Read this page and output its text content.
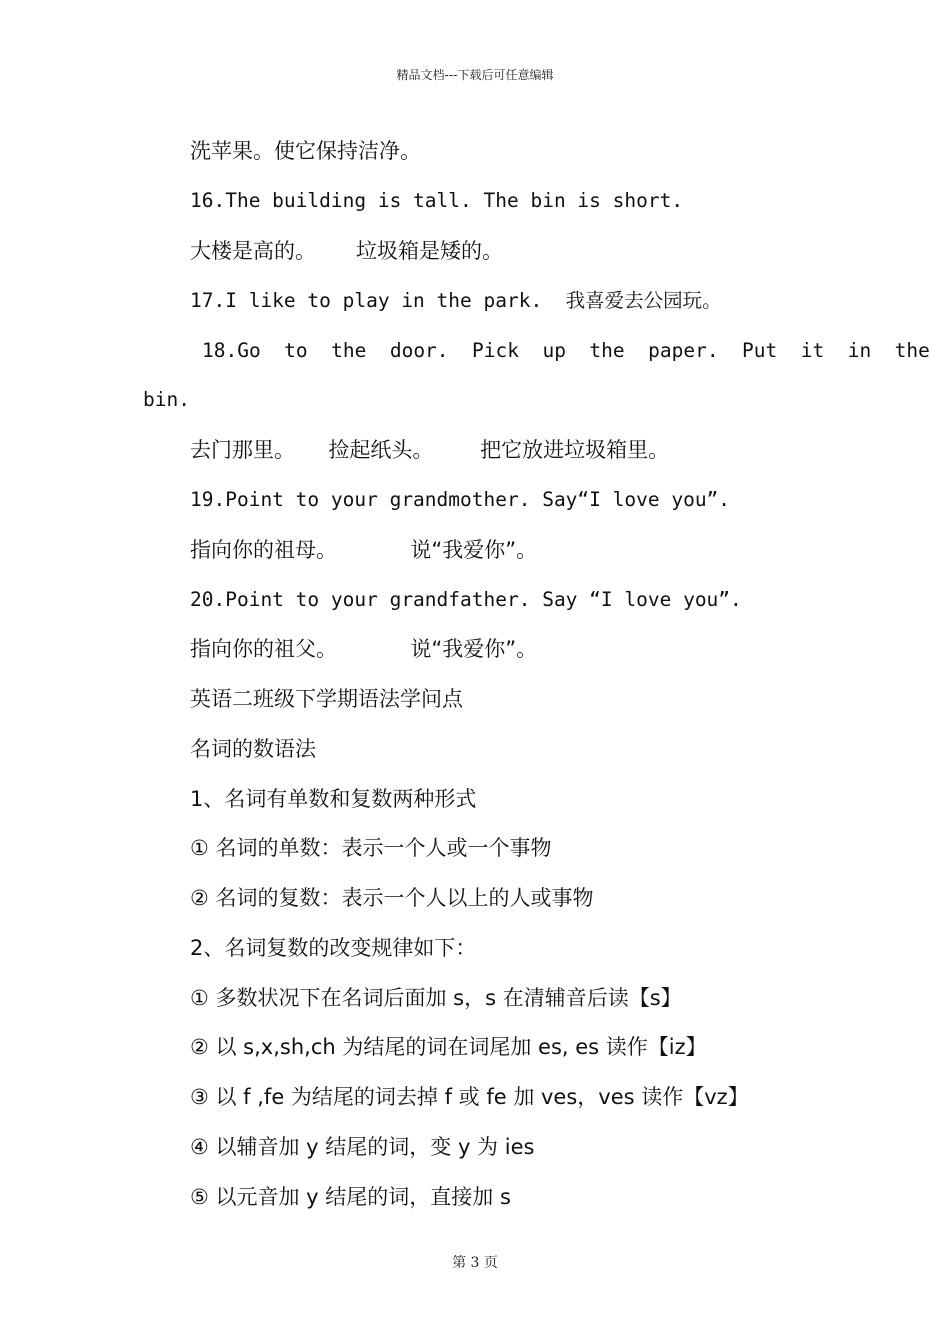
精品文档---下载后可任意编辑
洗苹果。使它保持洁净。
16.The building is tall. The bin is short.
大楼是高的。      垃圾箱是矮的。
17.I like to play in the park.  我喜爱去公园玩。
18.Go  to  the  door.  Pick  up  the  paper.  Put  it  in  the
bin.
去门那里。     捡起纸头。       把它放进垃圾箱里。
19.Point to your grandmother. Say“I love you”.
指向你的祖母。           说“我爱你”。
20.Point to your grandfather. Say “I love you”.
指向你的祖父。           说“我爱你”。
英语二班级下学期语法学问点
名词的数语法
1、名词有单数和复数两种形式
① 名词的单数：表示一个人或一个事物
② 名词的复数：表示一个人以上的人或事物
2、名词复数的改变规律如下：
① 多数状况下在名词后面加 s，s 在清辅音后读【s】
② 以 s,x,sh,ch 为结尾的词在词尾加 es, es 读作【iz】
③ 以 f ,fe 为结尾的词去掉 f 或 fe 加 ves，ves 读作【vz】
④ 以辅音加 y 结尾的词，变 y 为 ies
⑤ 以元音加 y 结尾的词，直接加 s
第 3 页
